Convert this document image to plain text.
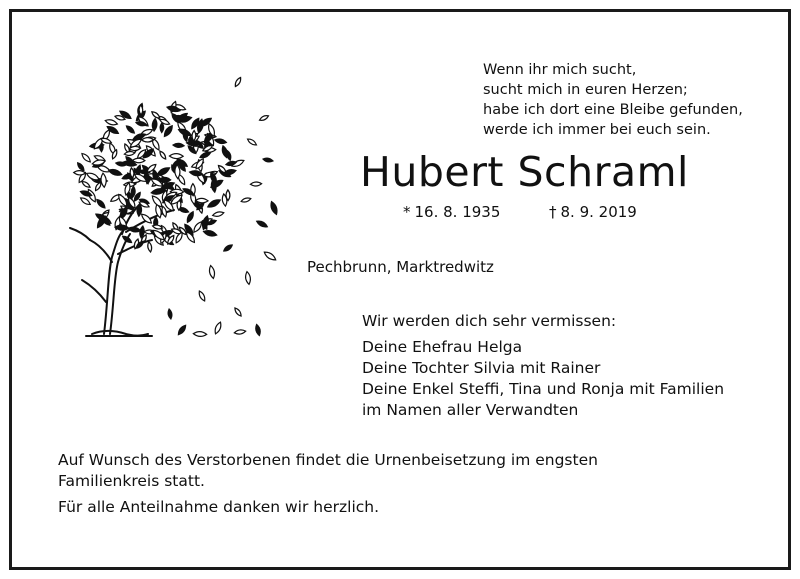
Wenn ihr mich sucht,
sucht mich in euren Herzen;
habe ich dort eine Bleibe gefunden,
werde ich immer bei euch sein.
Hubert Schraml
* 16. 8. 1935	† 8. 9. 2019
Pechbrunn, Marktredwitz
Wir werden dich sehr vermissen:
Deine Ehefrau Helga
Deine Tochter Silvia mit Rainer
Deine Enkel Steffi, Tina und Ronja mit Familien
im Namen aller Verwandten
Auf Wunsch des Verstorbenen findet die Urnenbeisetzung im engsten
Familienkreis statt.
Für alle Anteilnahme danken wir herzlich.
